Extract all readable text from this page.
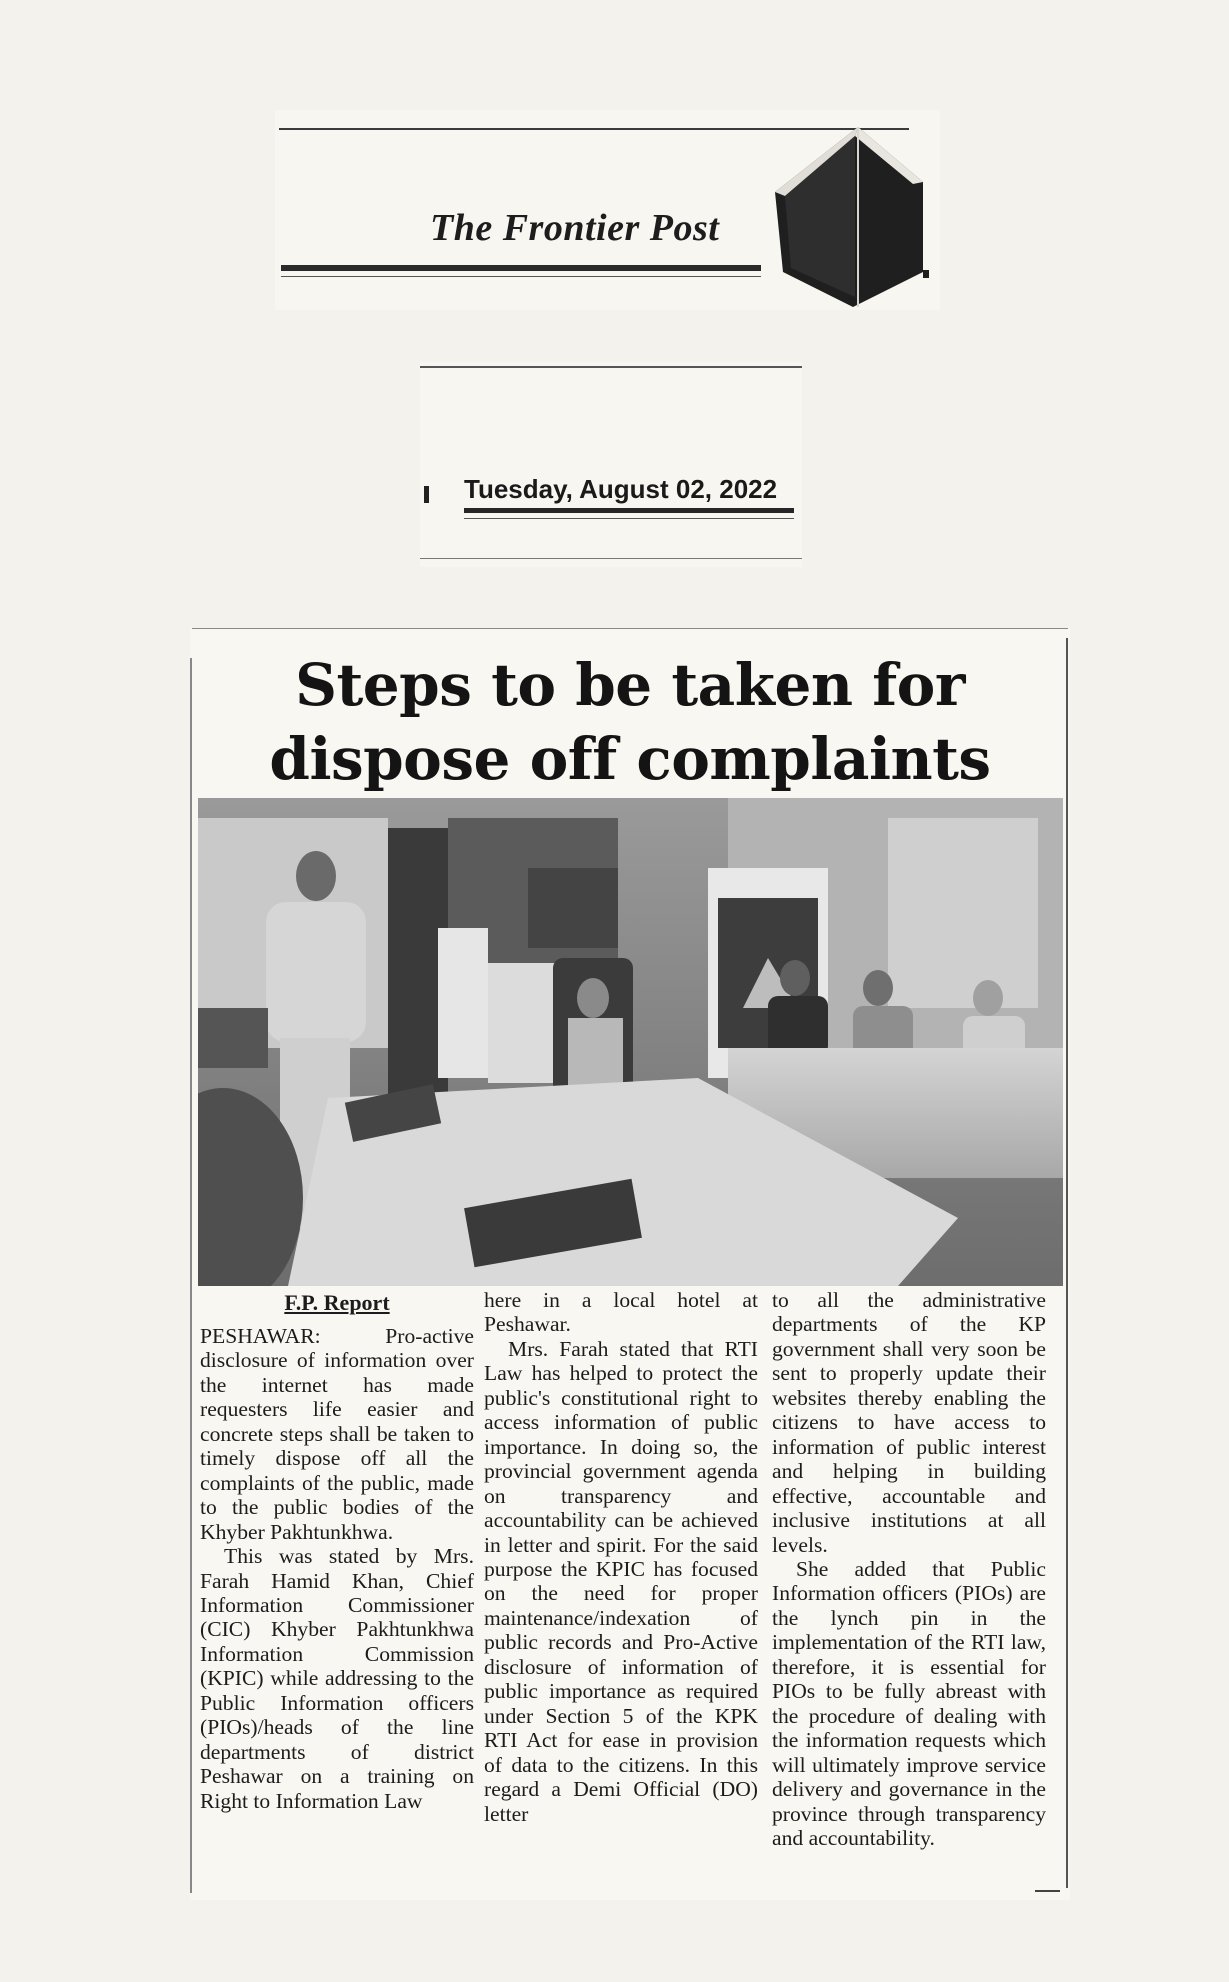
The Frontier Post
Tuesday, August 02, 2022
Steps to be taken for
dispose off complaints
F.P. Report

PESHAWAR: Pro-active disclosure of information over the internet has made requesters life easier and concrete steps shall be taken to timely dispose off all the complaints of the public, made to the public bodies of the Khyber Pakhtunkhwa.

This was stated by Mrs. Farah Hamid Khan, Chief Information Commissioner (CIC) Khyber Pakhtunkhwa Information Commission (KPIC) while addressing to the Public Information officers (PIOs)/heads of the line departments of district Peshawar on a training on Right to Information Law

here in a local hotel at Peshawar.

Mrs. Farah stated that RTI Law has helped to protect the public's constitutional right to access information of public importance. In doing so, the provincial government agenda on transparency and accountability can be achieved in letter and spirit. For the said purpose the KPIC has focused on the need for proper maintenance/indexation of public records and Pro-Active disclosure of information of public importance as required under Section 5 of the KPK RTI Act for ease in provision of data to the citizens. In this regard a Demi Official (DO) letter

to all the administrative departments of the KP government shall very soon be sent to properly update their websites thereby enabling the citizens to have access to information of public interest and helping in building effective, accountable and inclusive institutions at all levels.

She added that Public Information officers (PIOs) are the lynch pin in the implementation of the RTI law, therefore, it is essential for PIOs to be fully abreast with the procedure of dealing with the information requests which will ultimately improve service delivery and governance in the province through transparency and accountability.
